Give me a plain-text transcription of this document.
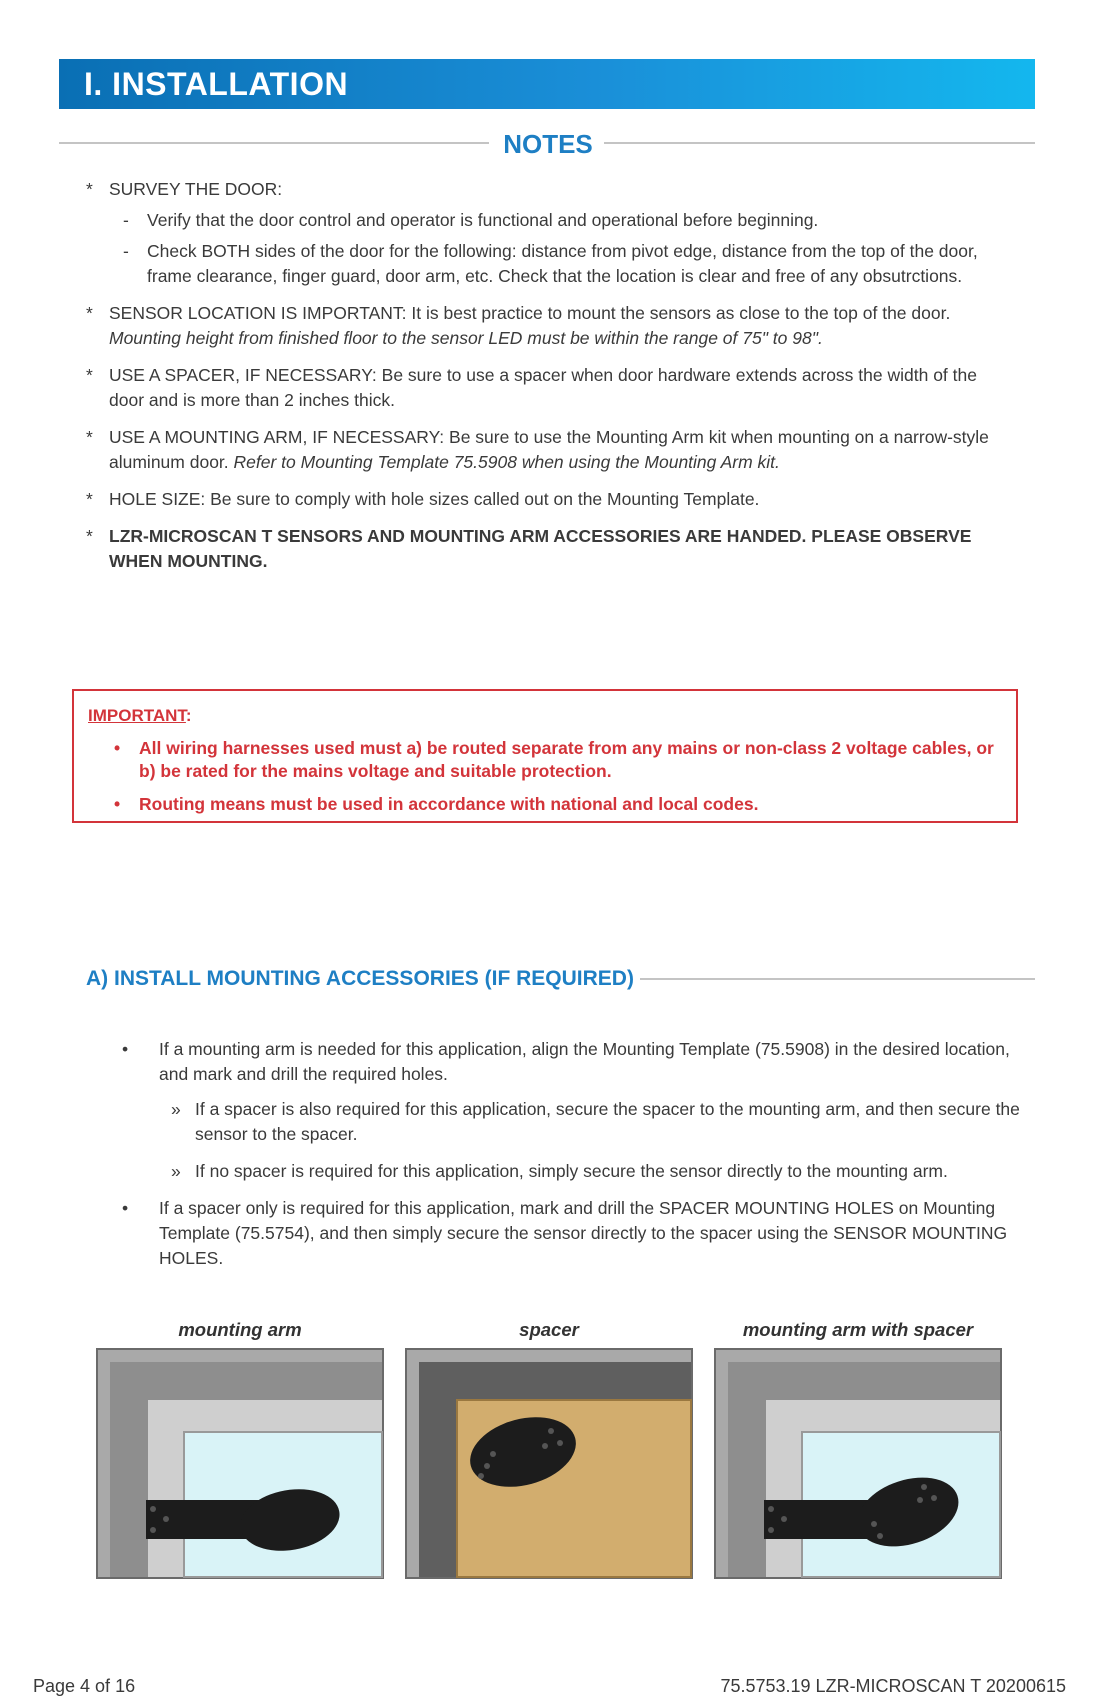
I. INSTALLATION
NOTES
* SURVEY THE DOOR:
-	Verify that the door control and operator is functional and operational before beginning.
-	Check BOTH sides of the door for the following: distance from pivot edge, distance from the top of the door, frame clearance, finger guard, door arm, etc. Check that the location is clear and free of any obsutrctions.
* SENSOR LOCATION IS IMPORTANT: It is best practice to mount the sensors as close to the top of the door. Mounting height from finished floor to the sensor LED must be within the range of 75" to 98".
* USE A SPACER, IF NECESSARY: Be sure to use a spacer when door hardware extends across the width of the door and is more than 2 inches thick.
* USE A MOUNTING ARM, IF NECESSARY: Be sure to use the Mounting Arm kit when mounting on a narrow-style aluminum door. Refer to Mounting Template 75.5908 when using the Mounting Arm kit.
* HOLE SIZE: Be sure to comply with hole sizes called out on the Mounting Template.
* LZR-MICROSCAN T SENSORS AND MOUNTING ARM ACCESSORIES ARE HANDED. PLEASE OBSERVE WHEN MOUNTING.
IMPORTANT:
•	All wiring harnesses used must a) be routed separate from any mains or non-class 2 voltage cables, or b) be rated for the mains voltage and suitable protection.
•	Routing means must be used in accordance with national and local codes.
A) INSTALL MOUNTING ACCESSORIES (IF REQUIRED)
•	If a mounting arm is needed for this application, align the Mounting Template (75.5908) in the desired location, and mark and drill the required holes.
» If a spacer is also required for this application, secure the spacer to the mounting arm, and then secure the sensor to the spacer.
» If no spacer is required for this application, simply secure the sensor directly to the mounting arm.
•	If a spacer only is required for this application, mark and drill the SPACER MOUNTING HOLES on Mounting Template (75.5754), and then simply secure the sensor directly to the spacer using the SENSOR MOUNTING HOLES.
mounting arm	spacer	mounting arm with spacer
Page 4 of 16	75.5753.19 LZR-MICROSCAN T 20200615
